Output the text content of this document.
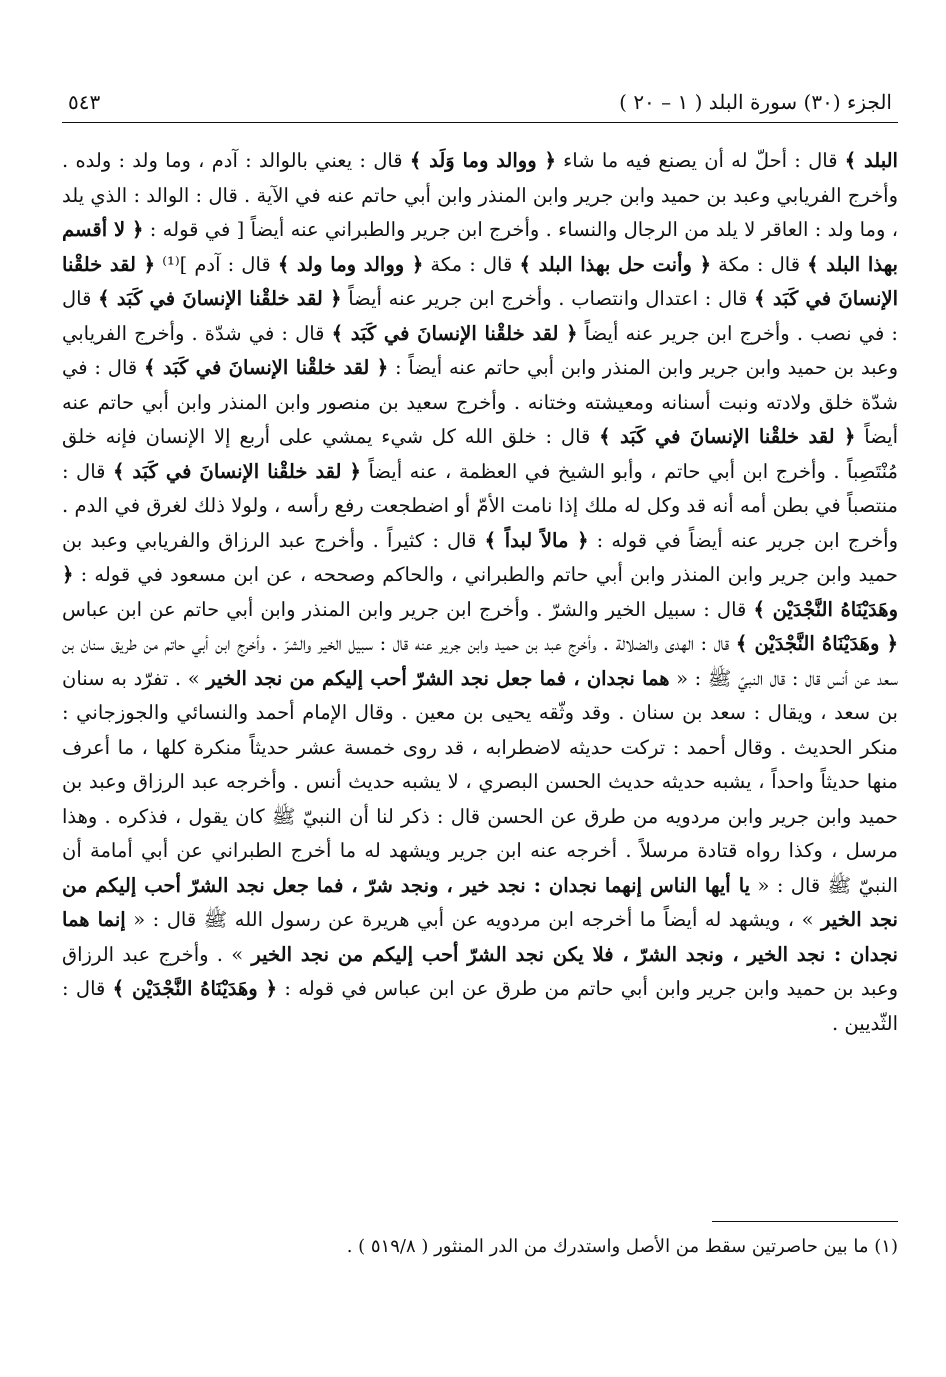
الجزء (٣٠) سورة البلد ( ١ – ٢٠ )
٥٤٣

البلد ﴾ قال : أحلّ له أن يصنع فيه ما شاء ﴿ ووالد وما وَلَد ﴾ قال : يعني بالوالد : آدم ، وما ولد : ولده . وأخرج الفريابي وعبد بن حميد وابن جرير وابن المنذر وابن أبي حاتم عنه في الآية . قال : الوالد : الذي يلد ، وما ولد : العاقر لا يلد من الرجال والنساء . وأخرج ابن جرير والطبراني عنه أيضاً [ في قوله : ﴿ لا أقسم بهذا البلد ﴾ قال : مكة ﴿ وأنت حل بهذا البلد ﴾ قال : مكة ﴿ ووالد وما ولد ﴾ قال : آدم ]⁽¹⁾ ﴿ لقد خلقْنا الإنسانَ في كَبَد ﴾ قال : اعتدال وانتصاب . وأخرج ابن جرير عنه أيضاً ﴿ لقد خلقْنا الإنسانَ في كَبَد ﴾ قال : في نصب . وأخرج ابن جرير عنه أيضاً ﴿ لقد خلقْنا الإنسانَ في كَبَد ﴾ قال : في شدّة . وأخرج الفريابي وعبد بن حميد وابن جرير وابن المنذر وابن أبي حاتم عنه أيضاً : ﴿ لقد خلقْنا الإنسانَ في كَبَد ﴾ قال : في شدّة خلق ولادته ونبت أسنانه ومعيشته وختانه . وأخرج سعيد بن منصور وابن المنذر وابن أبي حاتم عنه أيضاً ﴿ لقد خلقْنا الإنسانَ في كَبَد ﴾ قال : خلق الله كل شيء يمشي على أربع إلا الإنسان فإنه خلق مُنْتَصِباً . وأخرج ابن أبي حاتم ، وأبو الشيخ في العظمة ، عنه أيضاً ﴿ لقد خلقْنا الإنسانَ في كَبَد ﴾ قال : منتصباً في بطن أمه أنه قد وكل له ملك إذا نامت الأمّ أو اضطجعت رفع رأسه ، ولولا ذلك لغرق في الدم . وأخرج ابن جرير عنه أيضاً في قوله : ﴿ مالاً لبداً ﴾ قال : كثيراً . وأخرج عبد الرزاق والفريابي وعبد بن حميد وابن جرير وابن المنذر وابن أبي حاتم والطبراني ، والحاكم وصححه ، عن ابن مسعود في قوله : ﴿ وهَدَيْنَاهُ النَّجْدَيْن ﴾ قال : سبيل الخير والشرّ . وأخرج ابن جرير وابن المنذر وابن أبي حاتم عن ابن عباس ﴿ وهَدَيْنَاهُ النَّجْدَيْن ﴾ قال : الهدى والضلالة . وأخرج عبد بن حميد وابن جرير عنه قال : سبيل الخير والشرّ . وأخرج ابن أبي حاتم من طريق سنان بن سعد عن أنس قال : قال النبيّ ﷺ : « هما نجدان ، فما جعل نجد الشرّ أحب إليكم من نجد الخير » . تفرّد به سنان بن سعد ، ويقال : سعد بن سنان . وقد وثّقه يحيى بن معين . وقال الإمام أحمد والنسائي والجوزجاني : منكر الحديث . وقال أحمد : تركت حديثه لاضطرابه ، قد روى خمسة عشر حديثاً منكرة كلها ، ما أعرف منها حديثاً واحداً ، يشبه حديثه حديث الحسن البصري ، لا يشبه حديث أنس . وأخرجه عبد الرزاق وعبد بن حميد وابن جرير وابن مردويه من طرق عن الحسن قال : ذكر لنا أن النبيّ ﷺ كان يقول ، فذكره . وهذا مرسل ، وكذا رواه قتادة مرسلاً . أخرجه عنه ابن جرير ويشهد له ما أخرج الطبراني عن أبي أمامة أن النبيّ ﷺ قال : « يا أيها الناس إنهما نجدان : نجد خير ، ونجد شرّ ، فما جعل نجد الشرّ أحب إليكم من نجد الخير » ، ويشهد له أيضاً ما أخرجه ابن مردويه عن أبي هريرة عن رسول الله ﷺ قال : « إنما هما نجدان : نجد الخير ، ونجد الشرّ ، فلا يكن نجد الشرّ أحب إليكم من نجد الخير » . وأخرج عبد الرزاق وعبد بن حميد وابن جرير وابن أبي حاتم من طرق عن ابن عباس في قوله : ﴿ وهَدَيْنَاهُ النَّجْدَيْن ﴾ قال : الثّديين .

(١) ما بين حاصرتين سقط من الأصل واستدرك من الدر المنثور ( ٥١٩/٨ ) .
